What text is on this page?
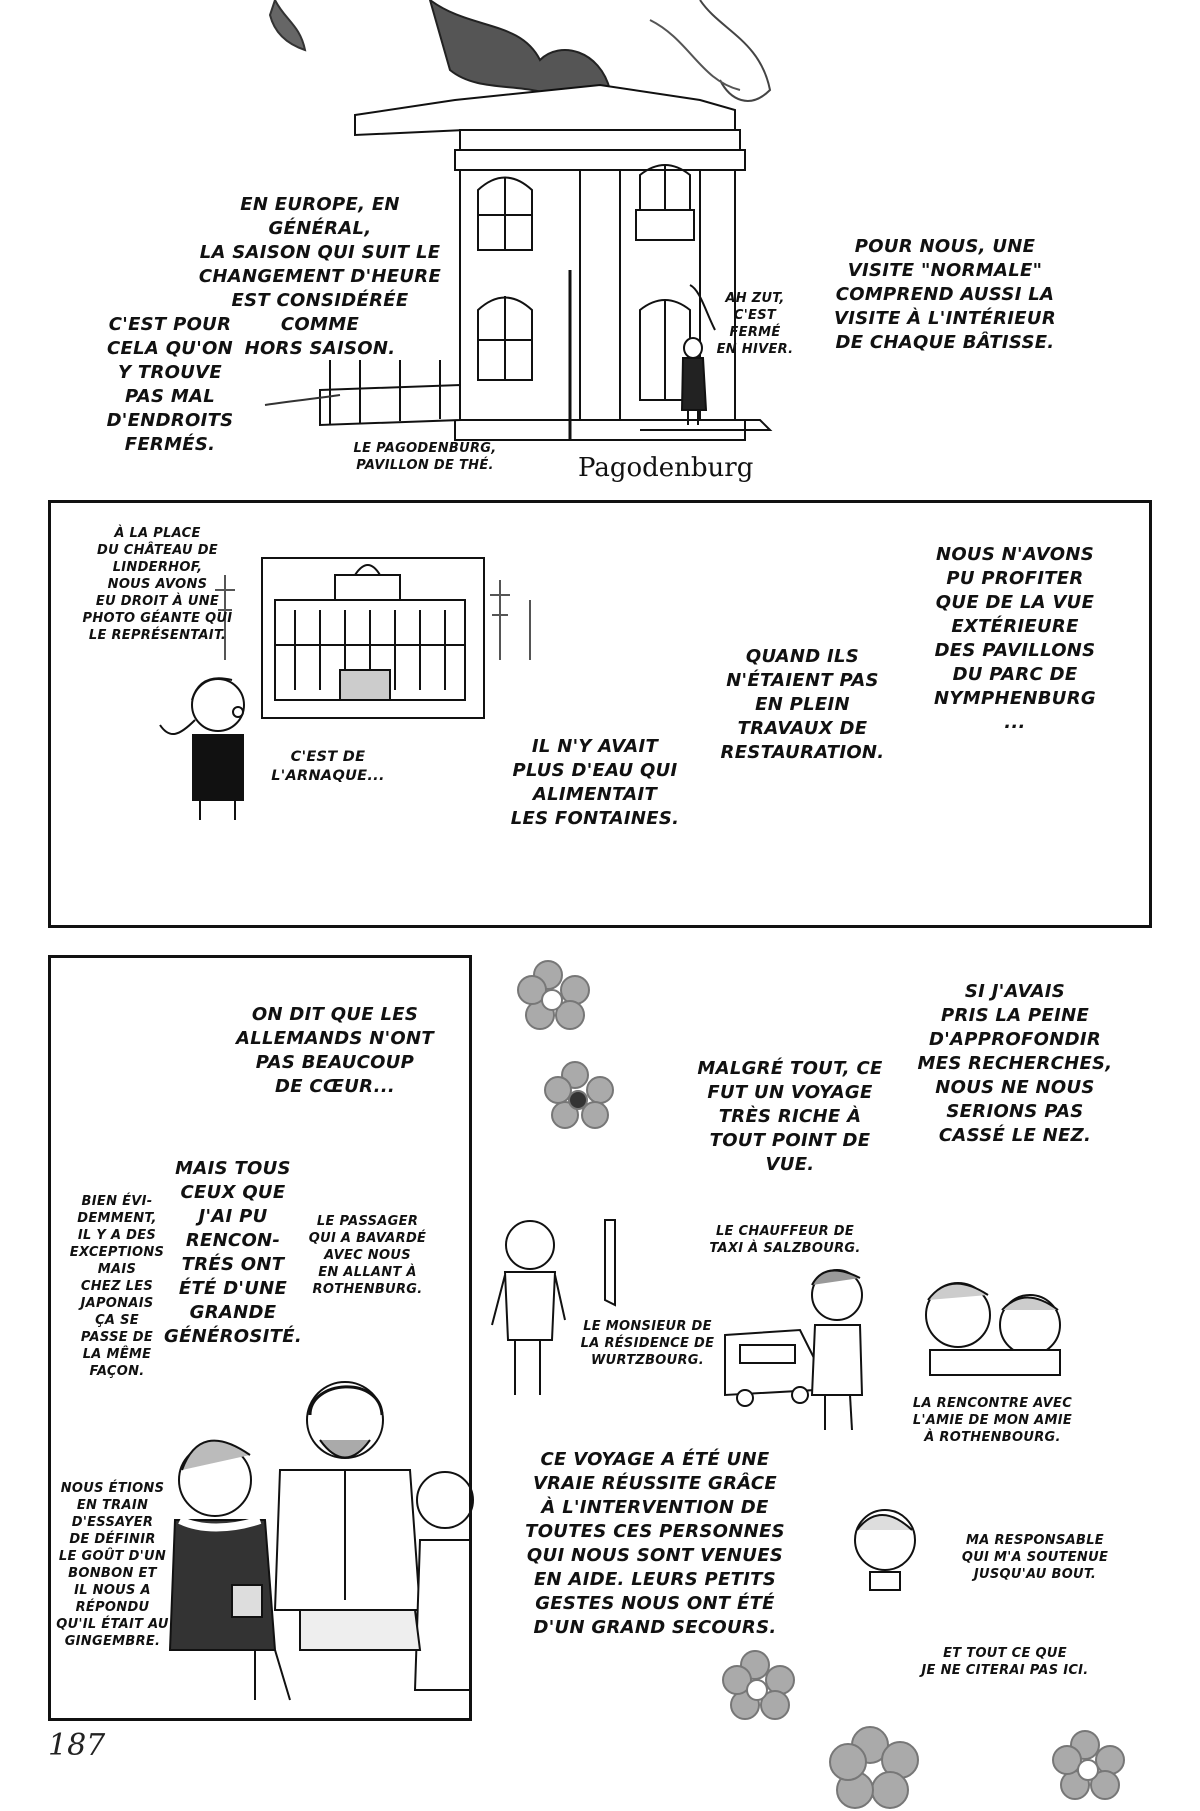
EN EUROPE, EN GÉNÉRAL,
LA SAISON QUI SUIT LE
CHANGEMENT D'HEURE
EST CONSIDÉRÉE COMME
HORS SAISON.
C'EST POUR
CELA QU'ON
Y TROUVE
PAS MAL
D'ENDROITS
FERMÉS.
POUR NOUS, UNE
VISITE "NORMALE"
COMPREND AUSSI LA
VISITE À L'INTÉRIEUR
DE CHAQUE BÂTISSE.
AH ZUT,
C'EST
FERMÉ
EN HIVER.
LE PAGODENBURG,
PAVILLON DE THÉ.	Pagodenburg
À LA PLACE
DU CHÂTEAU DE
LINDERHOF,
NOUS AVONS
EU DROIT À UNE
PHOTO GÉANTE QUI
LE REPRÉSENTAIT.
C'EST DE
L'ARNAQUE...
IL N'Y AVAIT
PLUS D'EAU QUI
ALIMENTAIT
LES FONTAINES.
QUAND ILS
N'ÉTAIENT PAS
EN PLEIN
TRAVAUX DE
RESTAURATION.
NOUS N'AVONS
PU PROFITER
QUE DE LA VUE
EXTÉRIEURE
DES PAVILLONS
DU PARC DE
NYMPHENBURG
...
ON DIT QUE LES
ALLEMANDS N'ONT
PAS BEAUCOUP
DE CŒUR...
MAIS TOUS
CEUX QUE
J'AI PU
RENCON-
TRÉS ONT
ÉTÉ D'UNE
GRANDE
GÉNÉROSITÉ.
BIEN ÉVI-
DEMMENT,
IL Y A DES
EXCEPTIONS
MAIS
CHEZ LES
JAPONAIS
ÇA SE
PASSE DE
LA MÊME
FAÇON.
LE PASSAGER
QUI A BAVARDÉ
AVEC NOUS
EN ALLANT À
ROTHENBURG.
NOUS ÉTIONS
EN TRAIN
D'ESSAYER
DE DÉFINIR
LE GOÛT D'UN
BONBON ET
IL NOUS A
RÉPONDU
QU'IL ÉTAIT AU
GINGEMBRE.
MALGRÉ TOUT, CE
FUT UN VOYAGE
TRÈS RICHE À
TOUT POINT DE
VUE.
SI J'AVAIS
PRIS LA PEINE
D'APPROFONDIR
MES RECHERCHES,
NOUS NE NOUS
SERIONS PAS
CASSÉ LE NEZ.
LE CHAUFFEUR DE
TAXI À SALZBOURG.
LE MONSIEUR DE
LA RÉSIDENCE DE
WURTZBOURG.
LA RENCONTRE AVEC
L'AMIE DE MON AMIE
À ROTHENBOURG.
CE VOYAGE A ÉTÉ UNE
VRAIE RÉUSSITE GRÂCE
À L'INTERVENTION DE
TOUTES CES PERSONNES
QUI NOUS SONT VENUES
EN AIDE. LEURS PETITS
GESTES NOUS ONT ÉTÉ
D'UN GRAND SECOURS.
MA RESPONSABLE
QUI M'A SOUTENUE
JUSQU'AU BOUT.
ET TOUT CE QUE
JE NE CITERAI PAS ICI.
187
